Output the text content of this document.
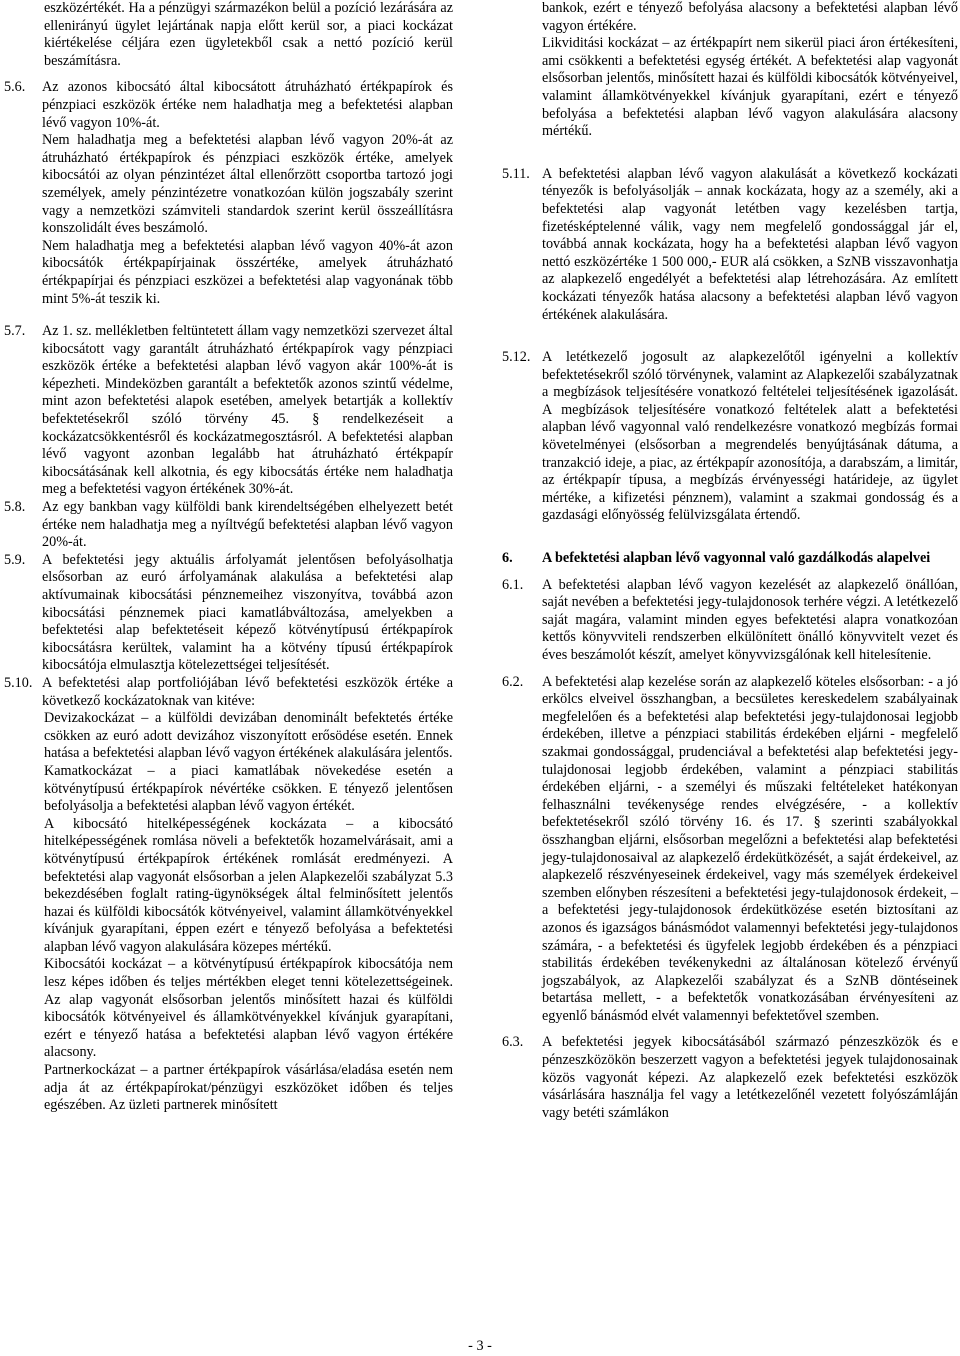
eszközértékét. Ha a pénzügyi származékon belül a pozíció lezárására az ellenirányú ügylet lejártának napja előtt kerül sor, a piaci kockázat kiértékelése céljára ezen ügyletekből csak a nettó pozíció kerül beszámításra.

5.6.	Az azonos kibocsátó által kibocsátott átruházható értékpapírok és pénzpiaci eszközök értéke nem haladhatja meg a befektetési alapban lévő vagyon 10%-át.

Nem haladhatja meg a befektetési alapban lévő vagyon 20%-át az átruházható értékpapírok és pénzpiaci eszközök értéke, amelyek kibocsátói az olyan pénzintézet által ellenőrzött csoportba tartozó jogi személyek, amely pénzintézetre vonatkozóan külön jogszabály szerint vagy a nemzetközi számviteli standardok szerint kerül összeállításra konszolidált éves beszámoló.

Nem haladhatja meg a befektetési alapban lévő vagyon 40%-át azon kibocsátók értékpapírjainak összértéke, amelyek átruházható értékpapírjai és pénzpiaci eszközei a befektetési alap vagyonának több mint 5%-át teszik ki.

5.7.	Az 1. sz. mellékletben feltüntetett állam vagy nemzetközi szervezet által kibocsátott vagy garantált átruházható értékpapírok vagy pénzpiaci eszközök értéke a befektetési alapban lévő vagyon akár 100%-át is képezheti. Mindeközben garantált a befektetők azonos szintű védelme, mint azon befektetési alapok esetében, amelyek betartják a kollektív befektetésekről szóló törvény 45. § rendelkezéseit a kockázatcsökkentésről és kockázatmegosztásról. A befektetési alapban lévő vagyont azonban legalább hat átruházható értékpapír kibocsátásának kell alkotnia, és egy kibocsátás értéke nem haladhatja meg a befektetési vagyon értékének 30%-át.

5.8.	Az egy bankban vagy külföldi bank kirendeltségében elhelyezett betét értéke nem haladhatja meg a nyíltvégű befektetési alapban lévő vagyon 20%-át.

5.9.	A befektetési jegy aktuális árfolyamát jelentősen befolyásolhatja elsősorban az euró árfolyamának alakulása a befektetési alap aktívumainak kibocsátási pénznemeihez viszonyítva, továbbá azon kibocsátási pénznemek piaci kamatlábváltozása, amelyekben a befektetési alap befektetéseit képező kötvénytípusú értékpapírok kibocsátásra kerültek, valamint ha a kötvény típusú értékpapírok kibocsátója elmulasztja kötelezettségei teljesítését.

5.10. A befektetési alap portfoliójában lévő befektetési eszközök értéke a következő kockázatoknak van kitéve:

Devizakockázat – a külföldi devizában denominált befektetés értéke csökken az euró adott devizához viszonyított erősödése esetén. Ennek hatása a befektetési alapban lévő vagyon értékének alakulására jelentős.

Kamatkockázat – a piaci kamatlábak növekedése esetén a kötvénytípusú értékpapírok névértéke csökken. E tényező jelentősen befolyásolja a befektetési alapban lévő vagyon értékét.

A kibocsátó hitelképességének kockázata – a kibocsátó hitelképességének romlása növeli a befektetők hozamelvárásait, ami a kötvénytípusú értékpapírok értékének romlását eredményezi. A befektetési alap vagyonát elsősorban a jelen Alapkezelői szabályzat 5.3 bekezdésében foglalt rating-ügynökségek által felminősített jelentős hazai és külföldi kibocsátók kötvényeivel, valamint államkötvényekkel kívánjuk gyarapítani, éppen ezért e tényező befolyása a befektetési alapban lévő vagyon alakulására közepes mértékű.

Kibocsátói kockázat – a kötvénytípusú értékpapírok kibocsátója nem lesz képes időben és teljes mértékben eleget tenni kötelezettségeinek. Az alap vagyonát elsősorban jelentős minősített hazai és külföldi kibocsátók kötvényeivel és államkötvényekkel kívánjuk gyarapítani, ezért e tényező hatása a befektetési alapban lévő vagyon értékére alacsony.

Partnerkockázat – a partner értékpapírok vásárlása/eladása esetén nem adja át az értékpapírokat/pénzügyi eszközöket időben és teljes egészében. Az üzleti partnerek minősített

bankok, ezért e tényező befolyása alacsony a befektetési alapban lévő vagyon értékére.

Likviditási kockázat – az értékpapírt nem sikerül piaci áron értékesíteni, ami csökkenti a befektetési egység értékét. A befektetési alap vagyonát elsősorban jelentős, minősített hazai és külföldi kibocsátók kötvényeivel, valamint államkötvényekkel kívánjuk gyarapítani, ezért e tényező befolyása a befektetési alapban lévő vagyon alakulására alacsony mértékű.

5.11. A befektetési alapban lévő vagyon alakulását a következő kockázati tényezők is befolyásolják – annak kockázata, hogy az a személy, aki a befektetési alap vagyonát letétben vagy kezelésben tartja, fizetésképtelenné válik, vagy nem megfelelő gondossággal jár el, továbbá annak kockázata, hogy ha a befektetési alapban lévő vagyon nettó eszközértéke 1 500 000,- EUR alá csökken, a SzNB visszavonhatja az alapkezelő engedélyét a befektetési alap létrehozására. Az említett kockázati tényezők hatása alacsony a befektetési alapban lévő vagyon értékének alakulására.

5.12. A letétkezelő jogosult az alapkezelőtől igényelni a kollektív befektetésekről szóló törvénynek, valamint az Alapkezelői szabályzatnak a megbízások teljesítésére vonatkozó feltételei teljesítésének igazolását. A megbízások teljesítésére vonatkozó feltételek alatt a befektetési alapban lévő vagyonnal való rendelkezésre vonatkozó megbízás formai követelményei (elsősorban a megrendelés benyújtásának dátuma, a tranzakció ideje, a piac, az értékpapír azonosítója, a darabszám, a limitár, az értékpapír típusa, a megbízás érvényességi határideje, az ügylet mértéke, a kifizetési pénznem), valamint a szakmai gondosság és a gazdasági előnyösség felülvizsgálata értendő.

6.	A befektetési alapban lévő vagyonnal való gazdálkodás alapelvei

6.1.	A befektetési alapban lévő vagyon kezelését az alapkezelő önállóan, saját nevében a befektetési jegy-tulajdonosok terhére végzi. A letétkezelő saját magára, valamint minden egyes befektetési alapra vonatkozóan kettős könyvviteli rendszerben elkülönített önálló könyvvitelt vezet és éves beszámolót készít, amelyet könyvvizsgálónak kell hitelesítenie.

6.2.	A befektetési alap kezelése során az alapkezelő köteles elsősorban: - a jó erkölcs elveivel összhangban, a becsületes kereskedelem szabályainak megfelelően és a befektetési alap befektetési jegy-tulajdonosai legjobb érdekében, illetve a pénzpiaci stabilitás érdekében eljárni - megfelelő szakmai gondossággal, prudenciával a befektetési alap befektetési jegy-tulajdonosai legjobb érdekében, valamint a pénzpiaci stabilitás érdekében eljárni, - a személyi és műszaki feltételeket hatékonyan felhasználni tevékenysége rendes elvégzésére, - a kollektív befektetésekről szóló törvény 16. és 17. § szerinti szabályokkal összhangban eljárni, elsősorban megelőzni a befektetési alap befektetési jegy-tulajdonosaival az alapkezelő érdekütközését, a saját érdekeivel, az alapkezelő részvényeseinek érdekeivel, vagy más személyek érdekeivel szemben előnyben részesíteni a befektetési jegy-tulajdonosok érdekeit, – a befektetési jegy-tulajdonosok érdekütközése esetén biztosítani az azonos és igazságos bánásmódot valamennyi befektetési jegy-tulajdonos számára, - a befektetési és ügyfelek legjobb érdekében és a pénzpiaci stabilitás érdekében tevékenykedni az általánosan kötelező érvényű jogszabályok, az Alapkezelői szabályzat és a SzNB döntéseinek betartása mellett, - a befektetők vonatkozásában érvényesíteni az egyenlő bánásmód elvét valamennyi befektetővel szemben.

6.3.	A befektetési jegyek kibocsátásából származó pénzeszközök és e pénzeszközökön beszerzett vagyon a befektetési jegyek tulajdonosainak közös vagyonát képezi. Az alapkezelő ezek befektetési eszközök vásárlására használja fel vagy a letétkezelőnél vezetett folyószámláján vagy betéti számlákon

- 3 -
